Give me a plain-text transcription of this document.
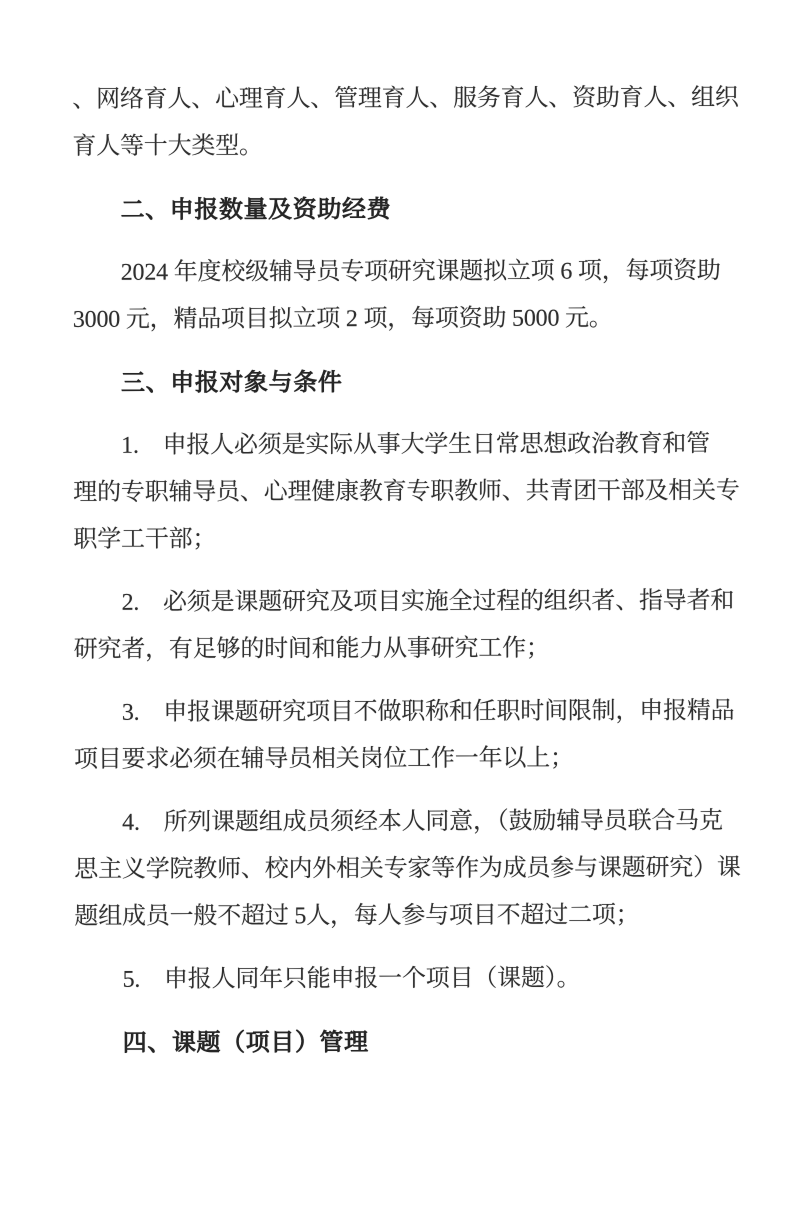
、网络育人、心理育人、管理育人、服务育人、资助育人、组织
育人等十大类型。

二、申报数量及资助经费

2024 年度校级辅导员专项研究课题拟立项 6 项，每项资助
3000 元，精品项目拟立项 2 项，每项资助 5000 元。

三、申报对象与条件

1.　申报人必须是实际从事大学生日常思想政治教育和管
理的专职辅导员、心理健康教育专职教师、共青团干部及相关专
职学工干部；

2.　必须是课题研究及项目实施全过程的组织者、指导者和
研究者，有足够的时间和能力从事研究工作；

3.　申报课题研究项目不做职称和任职时间限制，申报精品
项目要求必须在辅导员相关岗位工作一年以上；

4.　所列课题组成员须经本人同意，（鼓励辅导员联合马克
思主义学院教师、校内外相关专家等作为成员参与课题研究）课
题组成员一般不超过 5人，每人参与项目不超过二项；

5.　申报人同年只能申报一个项目（课题）。

四、课题（项目）管理
